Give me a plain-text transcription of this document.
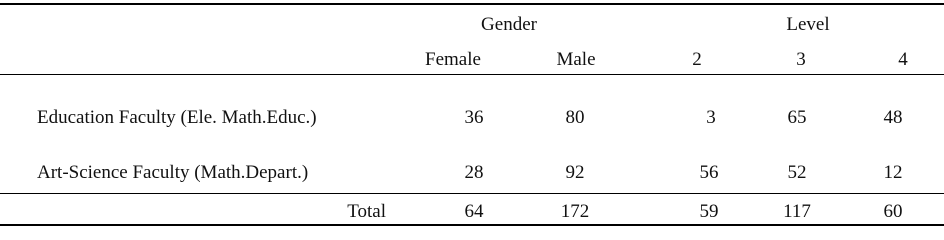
Gender	Level
Female	Male	2	3	4
Education Faculty (Ele. Math.Educ.)	36	80	3	65	48
Art-Science Faculty (Math.Depart.)	28	92	56	52	12
Total	64	172	59	117	60
